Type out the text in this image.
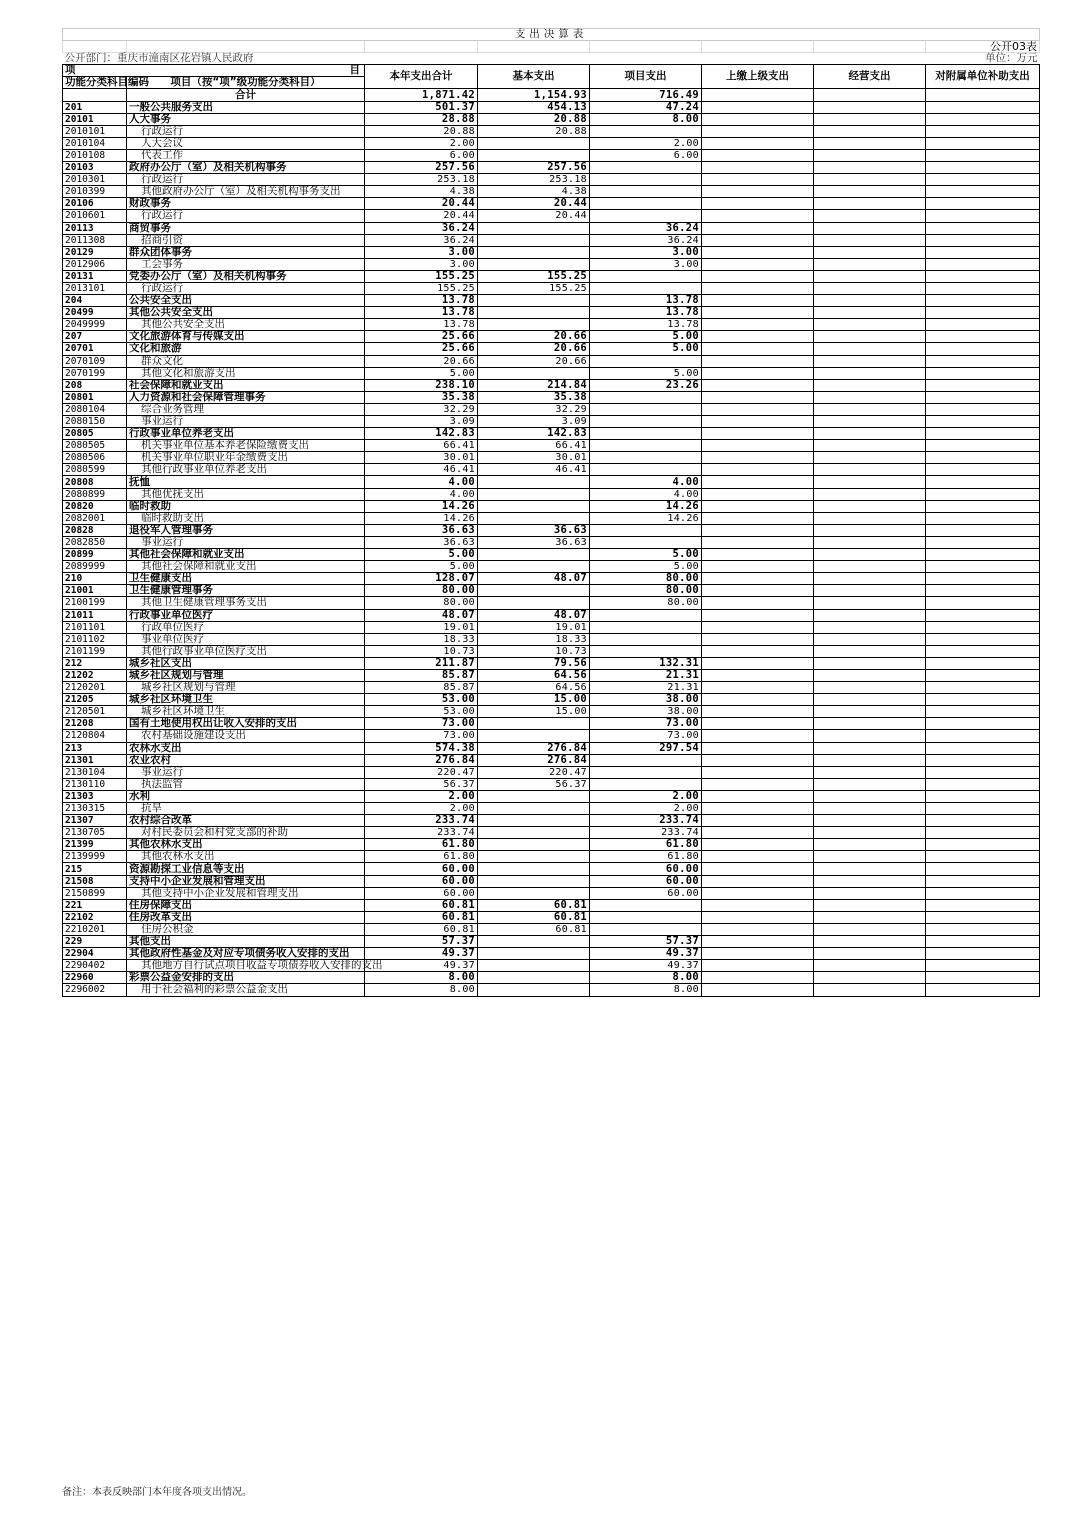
支出决算表							
							公开03表
公开部门：重庆市潼南区花岩镇人民政府				单位：万元			
项 目		本年支出合计	基本支出	项目支出	上缴上级支出	经营支出	对附属单位补助支出
功能分类科目编码	项目（按“项”级功能分类科目）						
	合计	1,871.42	1,154.93	716.49			
201	一般公共服务支出	501.37	454.13	47.24			
20101	人大事务	28.88	20.88	8.00			
2010101	行政运行	20.88	20.88				
2010104	人大会议	2.00		2.00			
2010108	代表工作	6.00		6.00			
20103	政府办公厅（室）及相关机构事务	257.56	257.56				
2010301	行政运行	253.18	253.18				
2010399	其他政府办公厅（室）及相关机构事务支出	4.38	4.38				
20106	财政事务	20.44	20.44				
2010601	行政运行	20.44	20.44				
20113	商贸事务	36.24		36.24			
2011308	招商引资	36.24		36.24			
20129	群众团体事务	3.00		3.00			
2012906	工会事务	3.00		3.00			
20131	党委办公厅（室）及相关机构事务	155.25	155.25				
2013101	行政运行	155.25	155.25				
204	公共安全支出	13.78		13.78			
20499	其他公共安全支出	13.78		13.78			
2049999	其他公共安全支出	13.78		13.78			
207	文化旅游体育与传媒支出	25.66	20.66	5.00			
20701	文化和旅游	25.66	20.66	5.00			
2070109	群众文化	20.66	20.66				
2070199	其他文化和旅游支出	5.00		5.00			
208	社会保障和就业支出	238.10	214.84	23.26			
20801	人力资源和社会保障管理事务	35.38	35.38				
2080104	综合业务管理	32.29	32.29				
2080150	事业运行	3.09	3.09				
20805	行政事业单位养老支出	142.83	142.83				
2080505	机关事业单位基本养老保险缴费支出	66.41	66.41				
2080506	机关事业单位职业年金缴费支出	30.01	30.01				
2080599	其他行政事业单位养老支出	46.41	46.41				
20808	抚恤	4.00		4.00			
2080899	其他优抚支出	4.00		4.00			
20820	临时救助	14.26		14.26			
2082001	临时救助支出	14.26		14.26			
20828	退役军人管理事务	36.63	36.63				
2082850	事业运行	36.63	36.63				
20899	其他社会保障和就业支出	5.00		5.00			
2089999	其他社会保障和就业支出	5.00		5.00			
210	卫生健康支出	128.07	48.07	80.00			
21001	卫生健康管理事务	80.00		80.00			
2100199	其他卫生健康管理事务支出	80.00		80.00			
21011	行政事业单位医疗	48.07	48.07				
2101101	行政单位医疗	19.01	19.01				
2101102	事业单位医疗	18.33	18.33				
2101199	其他行政事业单位医疗支出	10.73	10.73				
212	城乡社区支出	211.87	79.56	132.31			
21202	城乡社区规划与管理	85.87	64.56	21.31			
2120201	城乡社区规划与管理	85.87	64.56	21.31			
21205	城乡社区环境卫生	53.00	15.00	38.00			
2120501	城乡社区环境卫生	53.00	15.00	38.00			
21208	国有土地使用权出让收入安排的支出	73.00		73.00			
2120804	农村基础设施建设支出	73.00		73.00			
213	农林水支出	574.38	276.84	297.54			
21301	农业农村	276.84	276.84				
2130104	事业运行	220.47	220.47				
2130110	执法监管	56.37	56.37				
21303	水利	2.00		2.00			
2130315	抗旱	2.00		2.00			
21307	农村综合改革	233.74		233.74			
2130705	对村民委员会和村党支部的补助	233.74		233.74			
21399	其他农林水支出	61.80		61.80			
2139999	其他农林水支出	61.80		61.80			
215	资源勘探工业信息等支出	60.00		60.00			
21508	支持中小企业发展和管理支出	60.00		60.00			
2150899	其他支持中小企业发展和管理支出	60.00		60.00			
221	住房保障支出	60.81	60.81				
22102	住房改革支出	60.81	60.81				
2210201	住房公积金	60.81	60.81				
229	其他支出	57.37		57.37			
22904	其他政府性基金及对应专项债务收入安排的支出	49.37		49.37			
2290402	其他地方自行试点项目收益专项债券收入安排的支出	49.37		49.37			
22960	彩票公益金安排的支出	8.00		8.00			
2296002	用于社会福利的彩票公益金支出	8.00		8.00			
备注：本表反映部门本年度各项支出情况。
